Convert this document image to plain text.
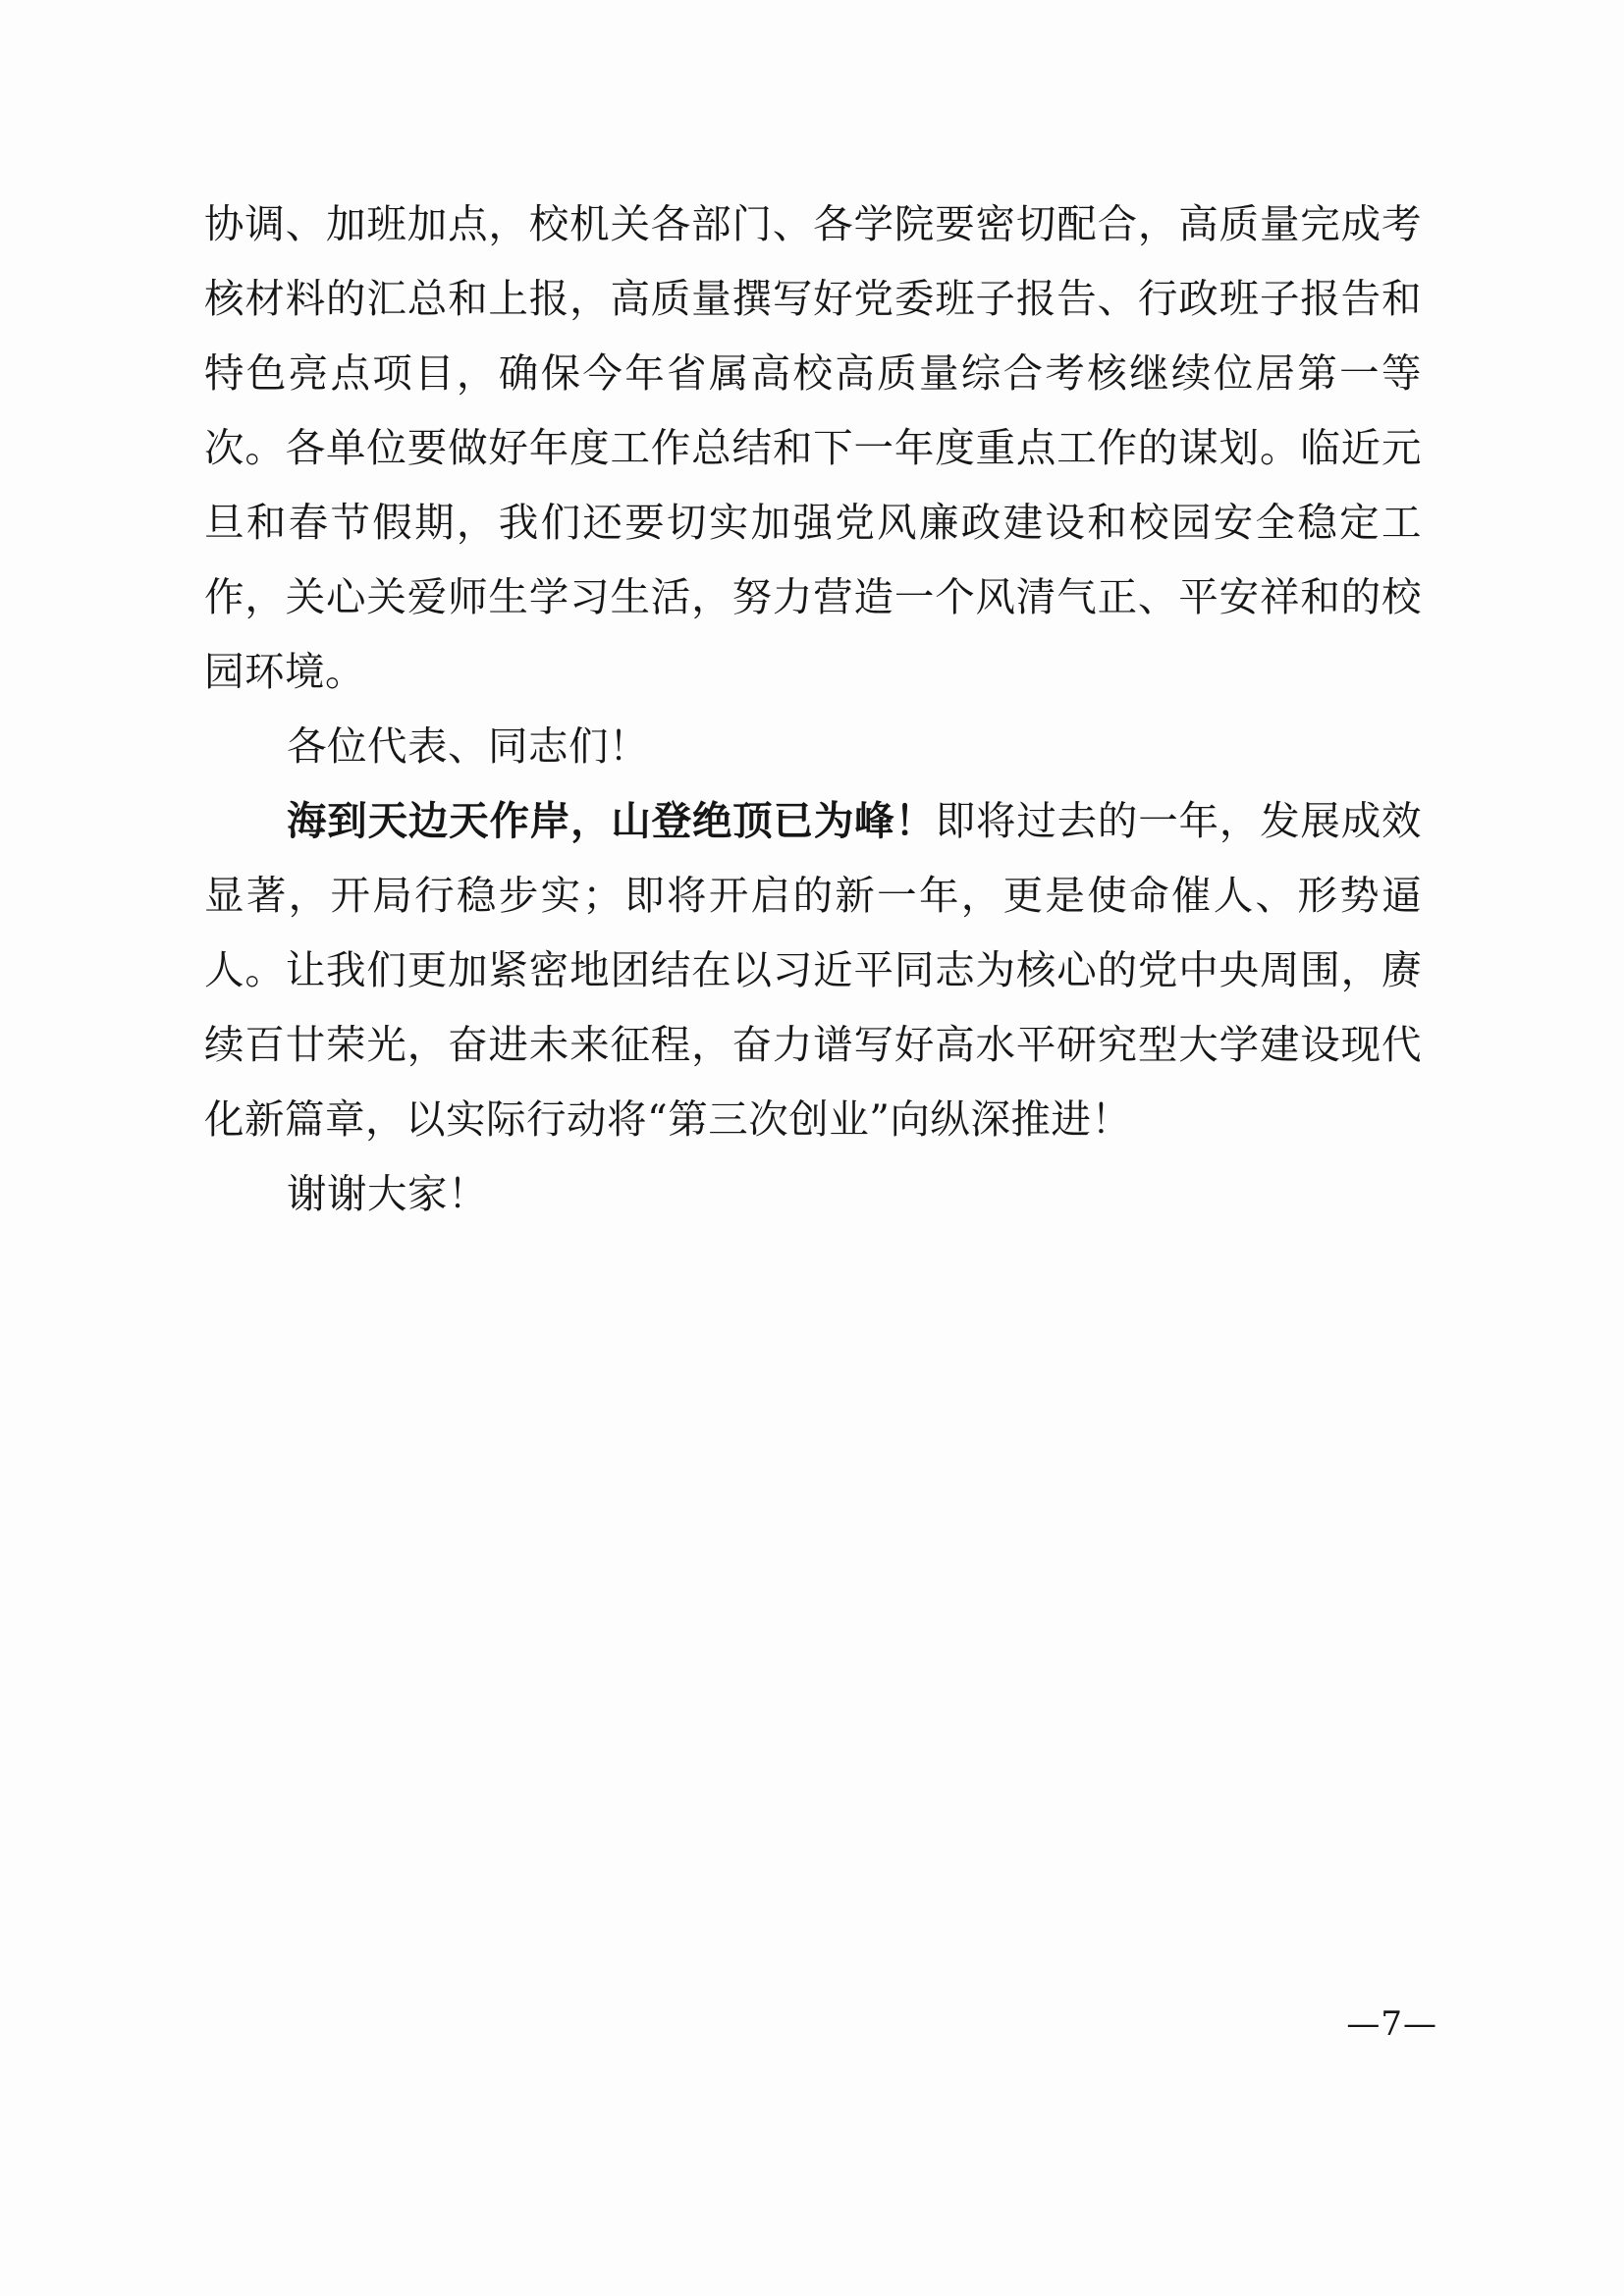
协调、加班加点，校机关各部门、各学院要密切配合，高质量完成考核材料的汇总和上报，高质量撰写好党委班子报告、行政班子报告和特色亮点项目，确保今年省属高校高质量综合考核继续位居第一等次。各单位要做好年度工作总结和下一年度重点工作的谋划。临近元旦和春节假期，我们还要切实加强党风廉政建设和校园安全稳定工作，关心关爱师生学习生活，努力营造一个风清气正、平安祥和的校园环境。

各位代表、同志们！

海到天边天作岸，山登绝顶已为峰！即将过去的一年，发展成效显著，开局行稳步实；即将开启的新一年，更是使命催人、形势逼人。让我们更加紧密地团结在以习近平同志为核心的党中央周围，赓续百廿荣光，奋进未来征程，奋力谱写好高水平研究型大学建设现代化新篇章，以实际行动将“第三次创业”向纵深推进！

谢谢大家！

—7—
